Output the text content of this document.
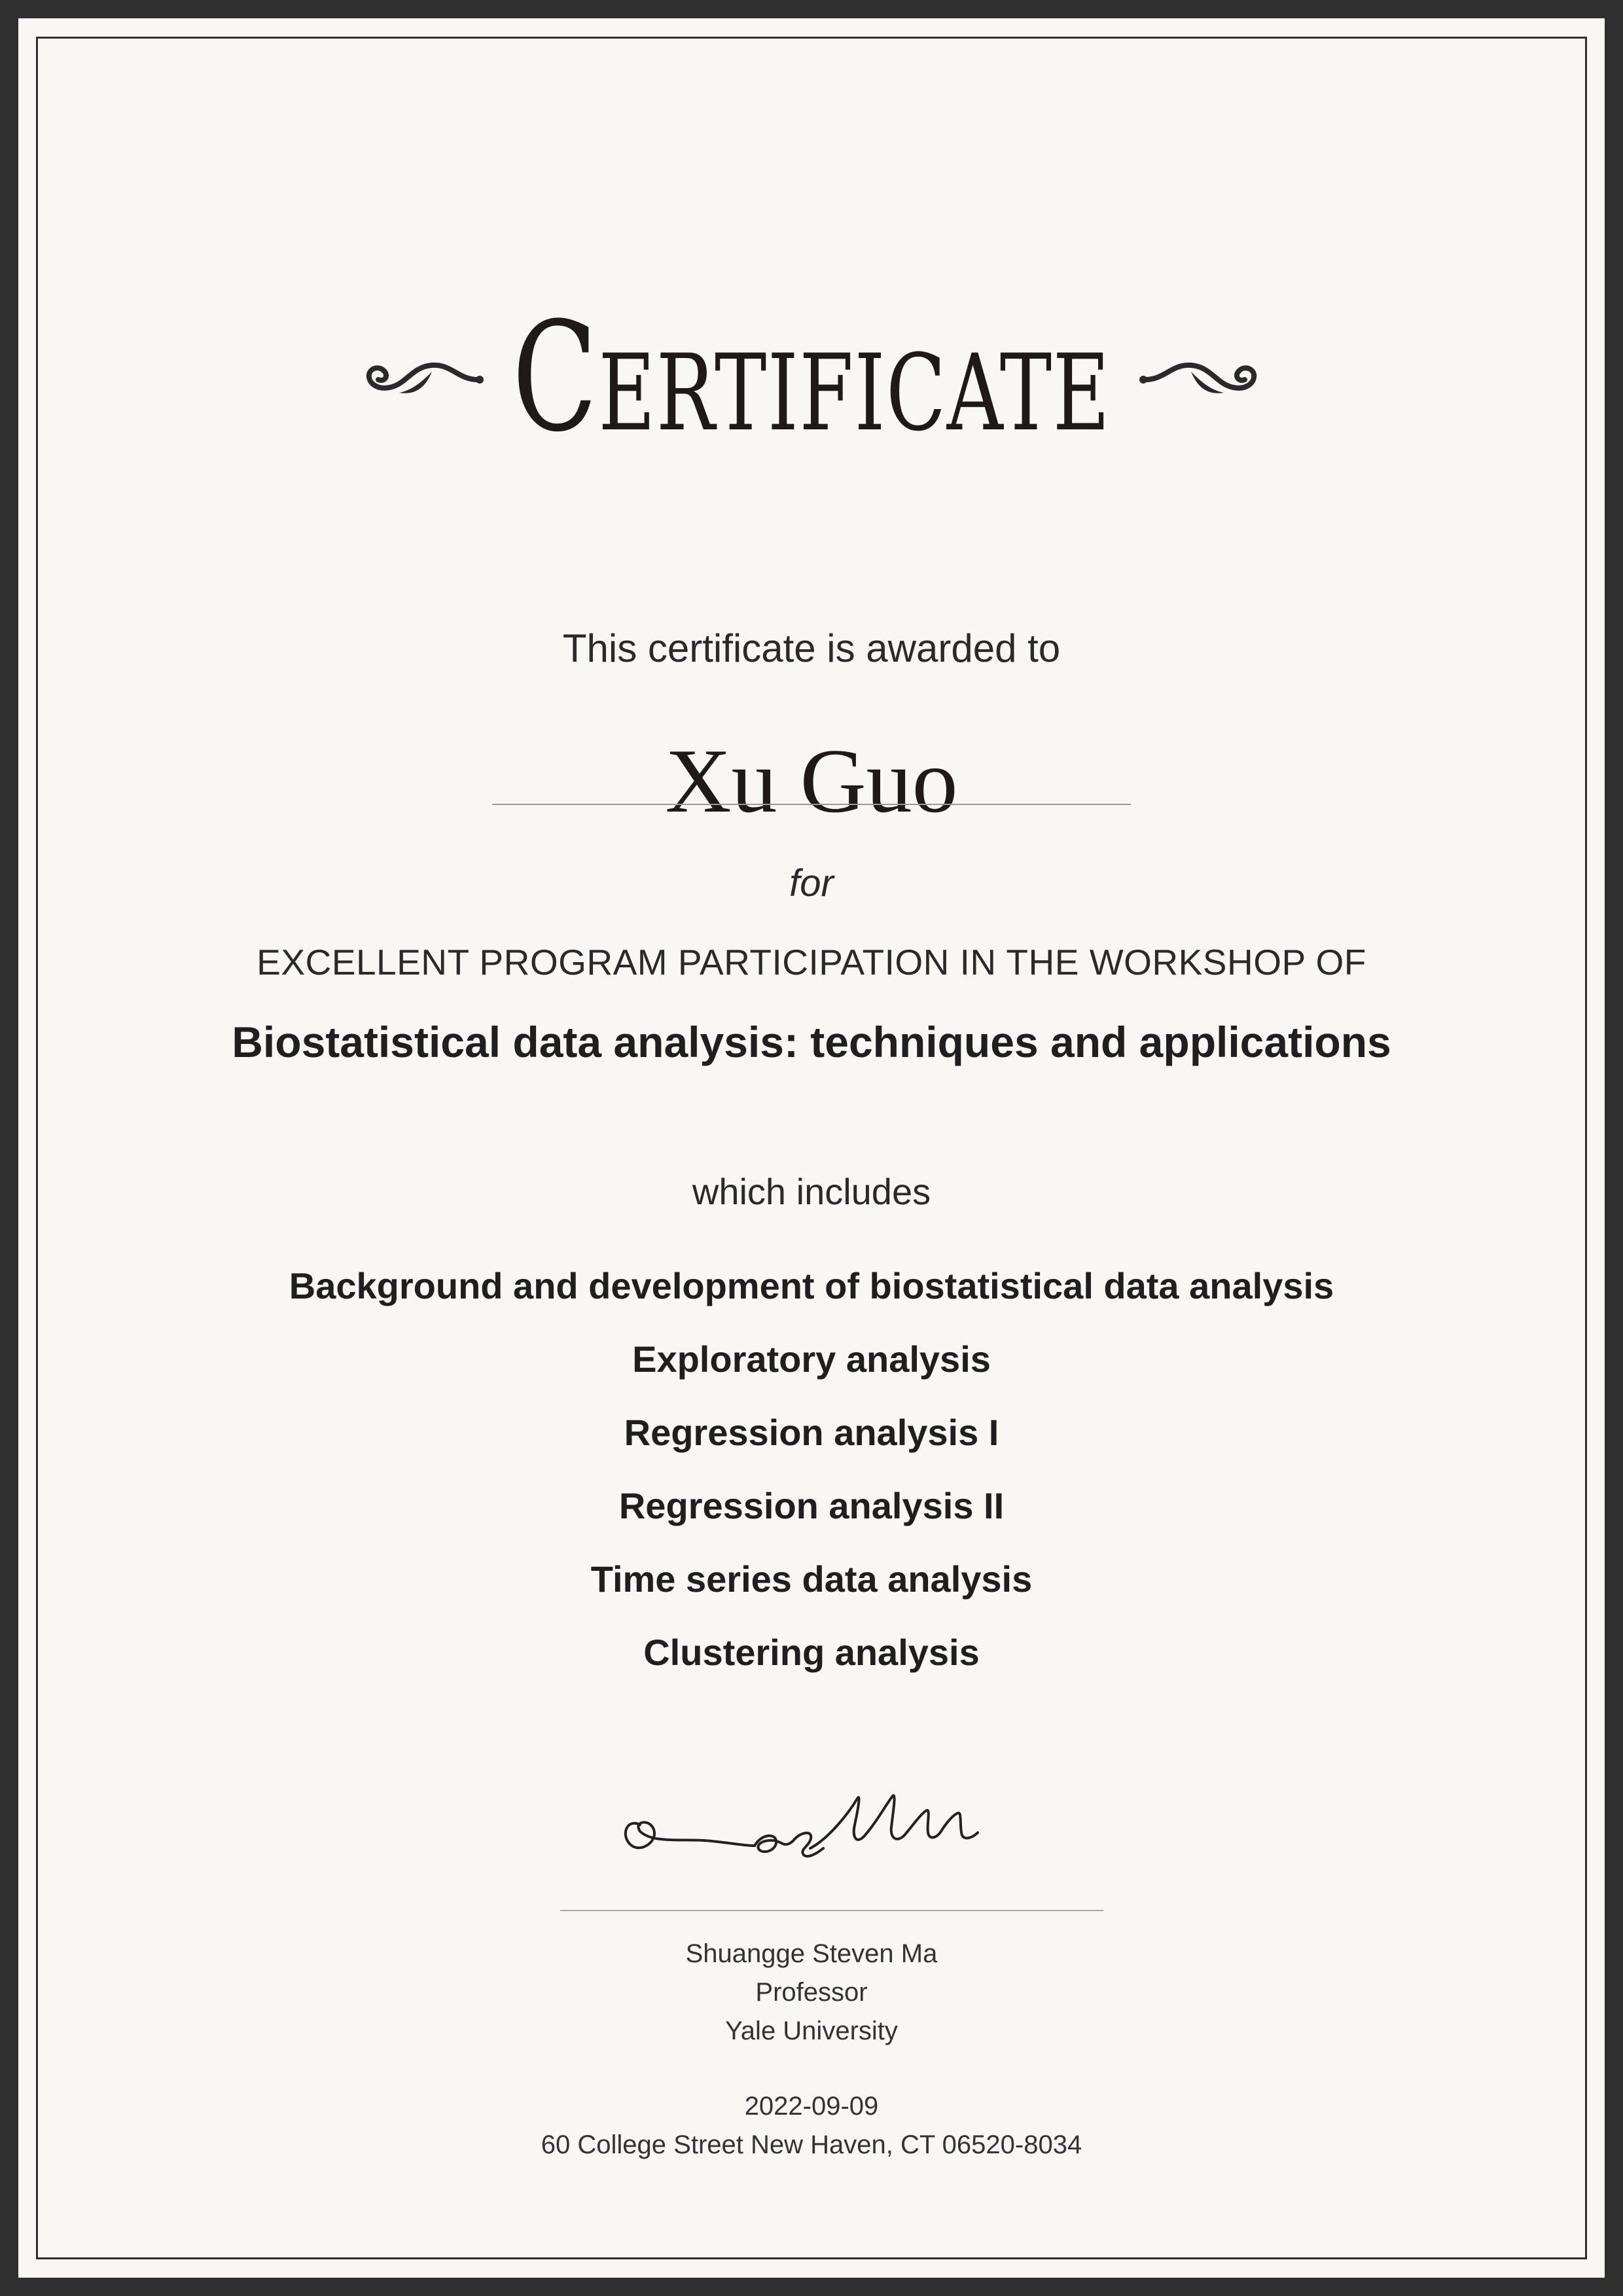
Certificate
This certificate is awarded to
Xu Guo
for
EXCELLENT PROGRAM PARTICIPATION IN THE WORKSHOP OF
Biostatistical data analysis: techniques and applications
which includes
Background and development of biostatistical data analysis
Exploratory analysis
Regression analysis I
Regression analysis II
Time series data analysis
Clustering analysis
Shuangge Steven Ma
Professor
Yale University
2022-09-09
60 College Street New Haven, CT 06520-8034
